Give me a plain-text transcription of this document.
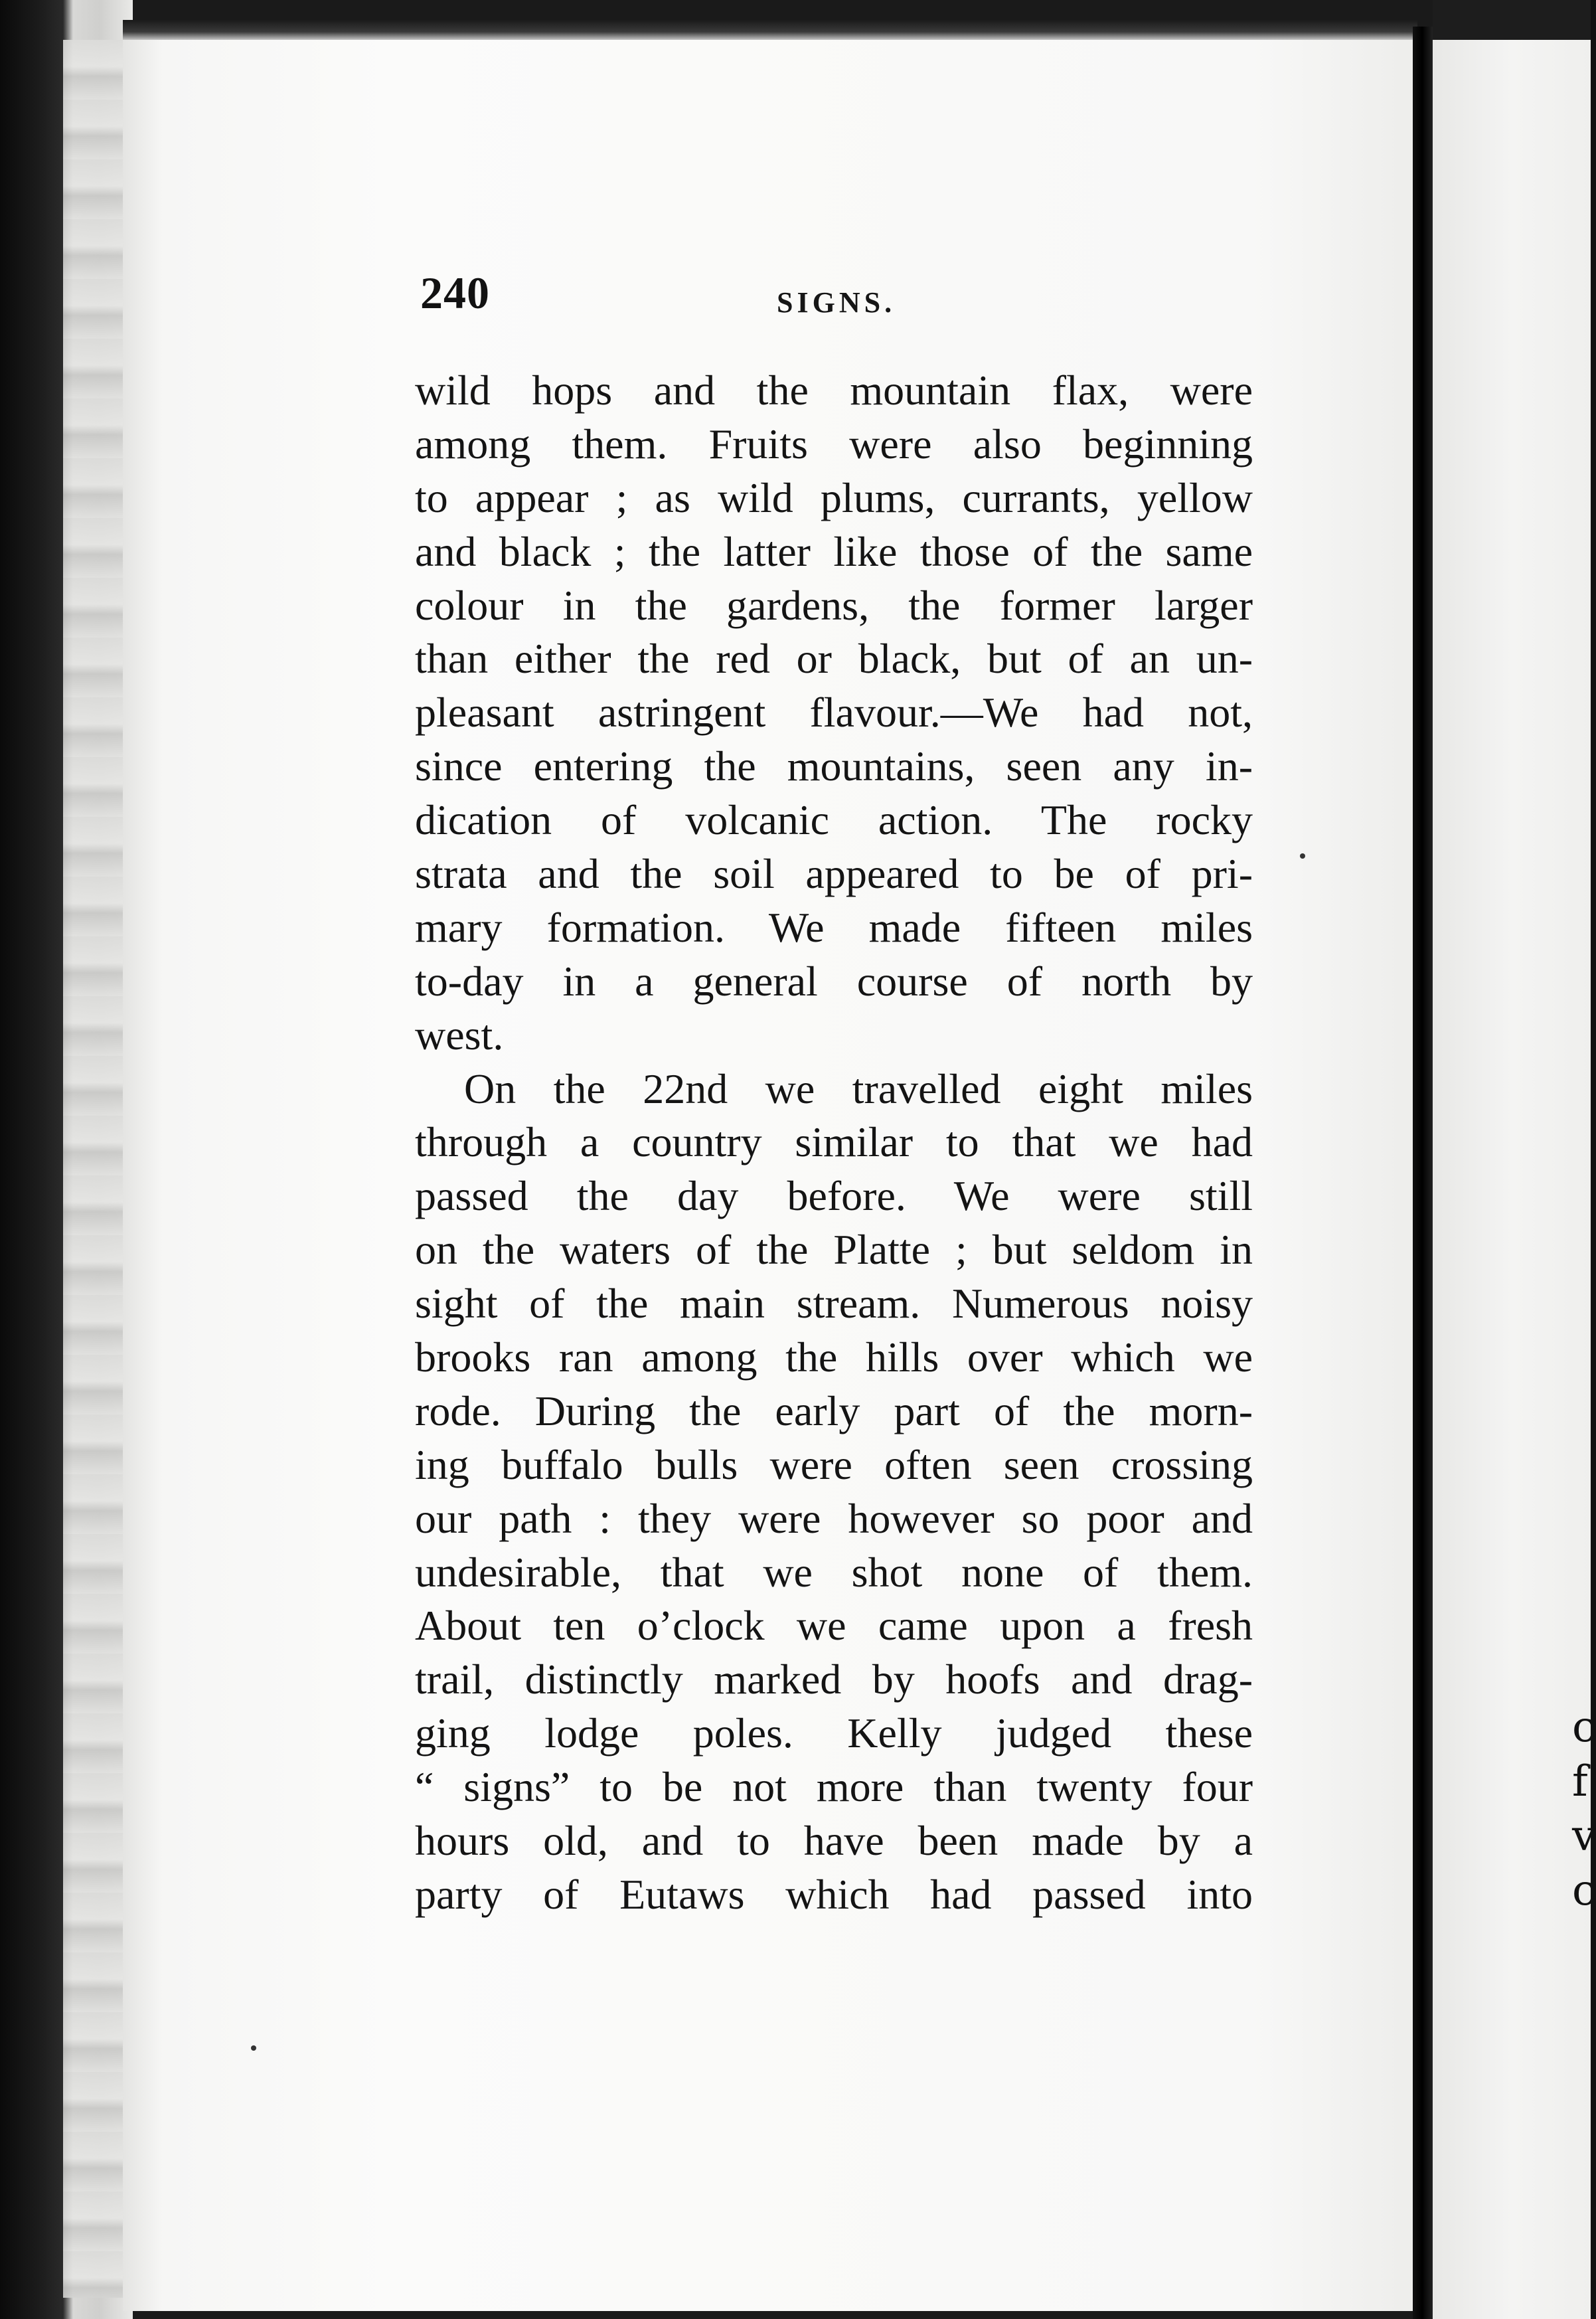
c
f
v
c
240	SIGNS.
wild hops and the mountain flax, were
among them. Fruits were also beginning
to appear ; as wild plums, currants, yellow
and black ; the latter like those of the same
colour in the gardens, the former larger
than either the red or black, but of an un-
pleasant astringent flavour.—We had not,
since entering the mountains, seen any in-
dication of volcanic action. The rocky
strata and the soil appeared to be of pri-
mary formation. We made fifteen miles
to-day in a general course of north by
west.
On the 22nd we travelled eight miles
through a country similar to that we had
passed the day before. We were still
on the waters of the Platte ; but seldom in
sight of the main stream. Numerous noisy
brooks ran among the hills over which we
rode. During the early part of the morn-
ing buffalo bulls were often seen crossing
our path : they were however so poor and
undesirable, that we shot none of them.
About ten o’clock we came upon a fresh
trail, distinctly marked by hoofs and drag-
ging lodge poles. Kelly judged these
“ signs” to be not more than twenty four
hours old, and to have been made by a
party of Eutaws which had passed into
